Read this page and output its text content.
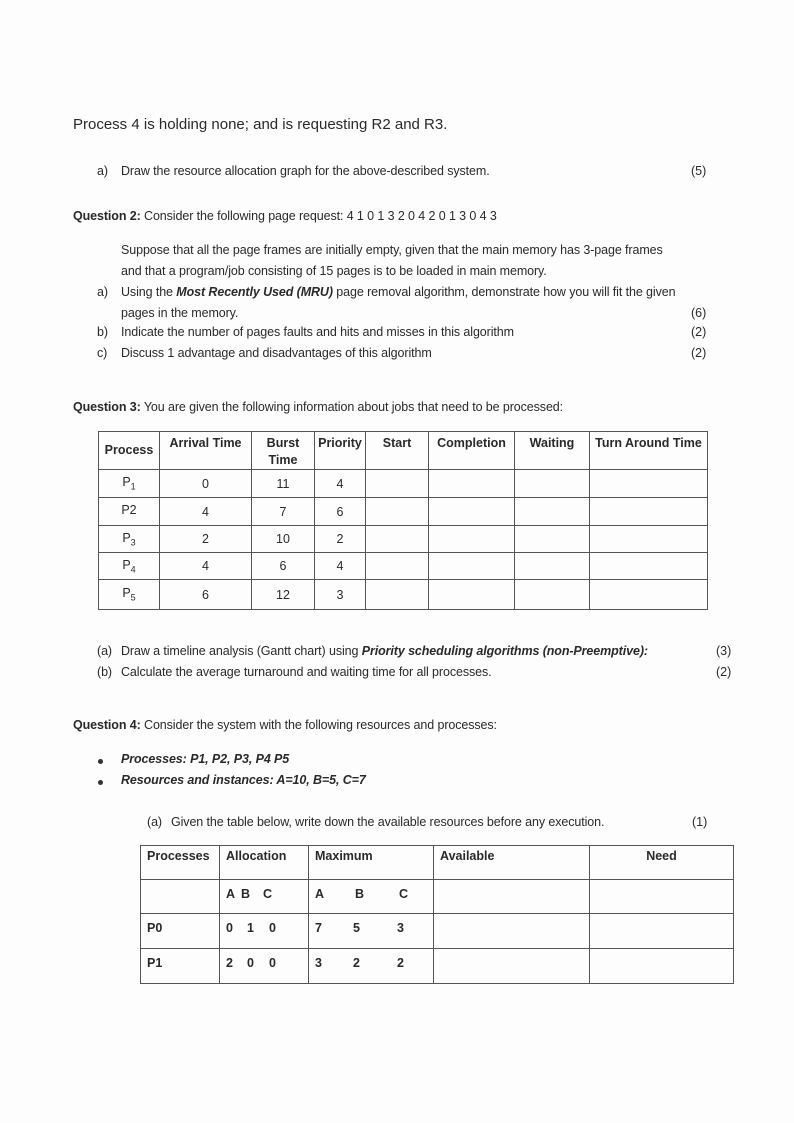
Process 4 is holding none; and is requesting R2 and R3.
a) Draw the resource allocation graph for the above-described system.	(5)
Question 2: Consider the following page request: 4 1 0 1 3 2 0 4 2 0 1 3 0 4 3
Suppose that all the page frames are initially empty, given that the main memory has 3-page frames
and that a program/job consisting of 15 pages is to be loaded in main memory.
a) Using the Most Recently Used (MRU) page removal algorithm, demonstrate how you will fit the given
pages in the memory.	(6)
b) Indicate the number of pages faults and hits and misses in this algorithm	(2)
c) Discuss 1 advantage and disadvantages of this algorithm	(2)
Question 3: You are given the following information about jobs that need to be processed:
Process	Arrival Time	Burst Time	Priority	Start	Completion	Waiting	Turn Around Time
$P_1$	0	11	4				
P2	4	7	6				
$P_3$	2	10	2				
$P_4$	4	6	4				
$P_5$	6	12	3				
(a) Draw a timeline analysis (Gantt chart) using Priority scheduling algorithms (non-Preemptive):	(3)
(b) Calculate the average turnaround and waiting time for all processes.	(2)
Question 4: Consider the system with the following resources and processes:
Processes: P1, P2, P3, P4 P5
Resources and instances: A=10, B=5, C=7
(a) Given the table below, write down the available resources before any execution.	(1)
Processes	Allocation	Maximum	Available	Need
	A B C	A B C		
P0	0 1 0	7 5 3		
P1	2 0 0	3 2 2		
